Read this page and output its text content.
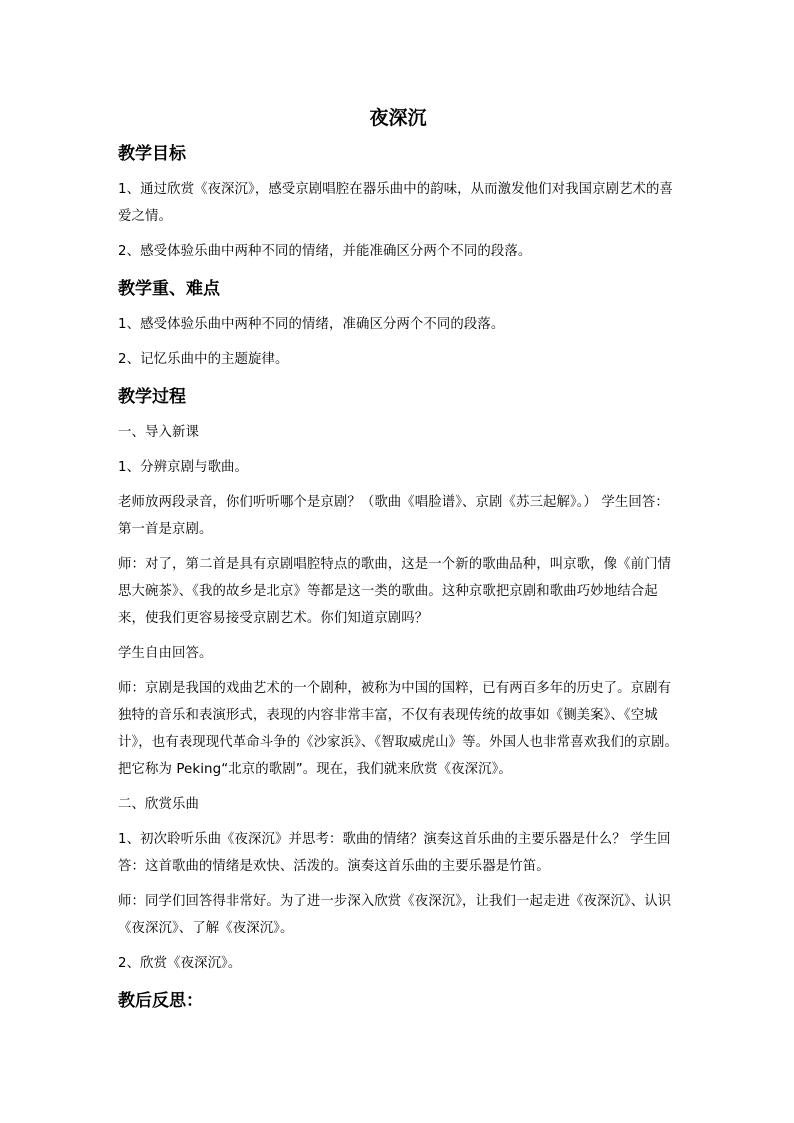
夜深沉
教学目标

1、通过欣赏《夜深沉》，感受京剧唱腔在器乐曲中的韵味，从而激发他们对我国京剧艺术的喜爱之情。

2、感受体验乐曲中两种不同的情绪，并能准确区分两个不同的段落。

教学重、难点

1、感受体验乐曲中两种不同的情绪，准确区分两个不同的段落。

2、记忆乐曲中的主题旋律。

教学过程

一、导入新课

1、分辨京剧与歌曲。

老师放两段录音，你们听听哪个是京剧？（歌曲《唱脸谱》、京剧《苏三起解》。） 学生回答：第一首是京剧。

师：对了，第二首是具有京剧唱腔特点的歌曲，这是一个新的歌曲品种，叫京歌，像《前门情思大碗茶》、《我的故乡是北京》等都是这一类的歌曲。这种京歌把京剧和歌曲巧妙地结合起来，使我们更容易接受京剧艺术。你们知道京剧吗？

学生自由回答。

师：京剧是我国的戏曲艺术的一个剧种，被称为中国的国粹，已有两百多年的历史了。京剧有独特的音乐和表演形式，表现的内容非常丰富，不仅有表现传统的故事如《铡美案》、《空城计》，也有表现现代革命斗争的《沙家浜》、《智取威虎山》等。外国人也非常喜欢我们的京剧。把它称为 Peking“北京的歌剧”。现在，我们就来欣赏《夜深沉》。

二、欣赏乐曲

1、初次聆听乐曲《夜深沉》并思考：歌曲的情绪？演奏这首乐曲的主要乐器是什么？ 学生回答：这首歌曲的情绪是欢快、活泼的。演奏这首乐曲的主要乐器是竹笛。

师：同学们回答得非常好。为了进一步深入欣赏《夜深沉》，让我们一起走进《夜深沉》、认识《夜深沉》、了解《夜深沉》。

2、欣赏《夜深沉》。

教后反思：
